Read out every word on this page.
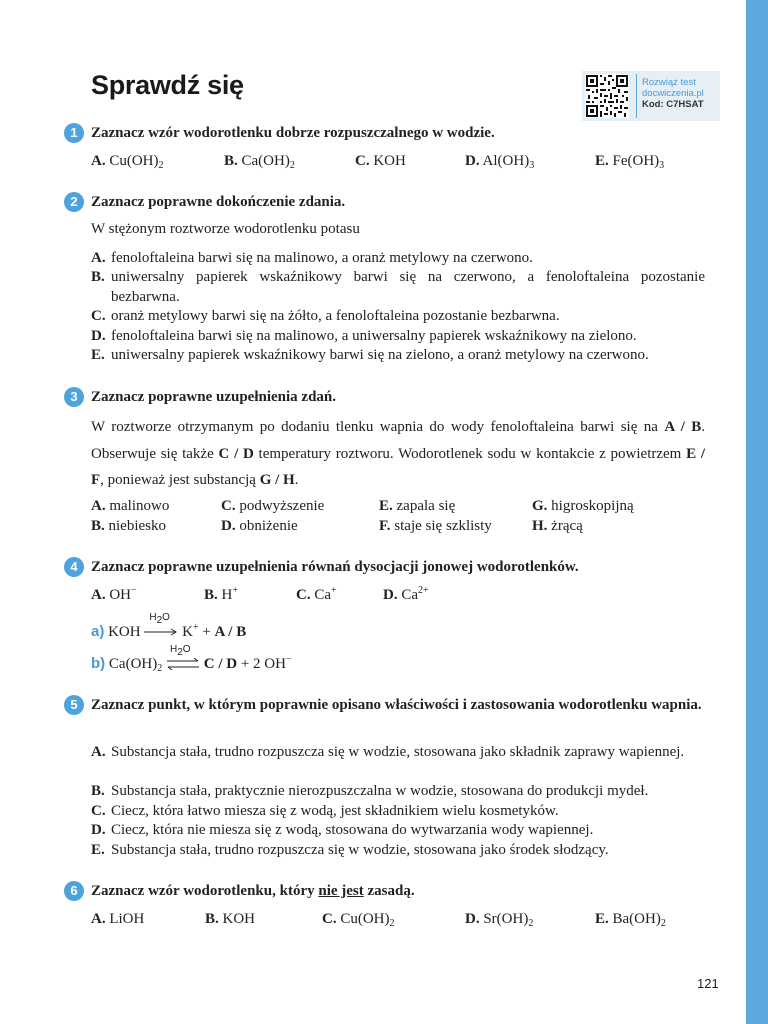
Sprawdź się	Rozwiąż test
docwiczenia.pl
Kod: C7HSAT
1 Zaznacz wzór wodorotlenku dobrze rozpuszczalnego w wodzie.
A. $Cu(OH)_2$	B. $Ca(OH)_2$	C. KOH	D. $Al(OH)_3$	E. $Fe(OH)_3$
2 Zaznacz poprawne dokończenie zdania.
W stężonym roztworze wodorotlenku potasu
A. fenoloftaleina barwi się na malinowo, a oranż metylowy na czerwono.
B. uniwersalny papierek wskaźnikowy barwi się na czerwono, a fenoloftaleina pozostanie bezbarwna.
C. oranż metylowy barwi się na żółto, a fenoloftaleina pozostanie bezbarwna.
D. fenoloftaleina barwi się na malinowo, a uniwersalny papierek wskaźnikowy na zielono.
E. uniwersalny papierek wskaźnikowy barwi się na zielono, a oranż metylowy na czerwono.
3 Zaznacz poprawne uzupełnienia zdań.
W roztworze otrzymanym po dodaniu tlenku wapnia do wody fenoloftaleina barwi się na A / B. Obserwuje się także C / D temperatury roztworu. Wodorotlenek sodu w kontakcie z powietrzem E / F, ponieważ jest substancją G / H.
A. malinowo
B. niebiesko
C. podwyższenie
D. obniżenie
E. zapala się
F. staje się szklisty
G. higroskopijną
H. żrącą
4 Zaznacz poprawne uzupełnienia równań dysocjacji jonowej wodorotlenków.
A. OH−	B. H+	C. Ca+	D. $Ca^{2+}$
a) KOH
$H_2O$
K+ + A / B
b) $Ca(OH)_2$
$H_2O$
C / D + 2 OH−
5 Zaznacz punkt, w którym poprawnie opisano właściwości i zastosowania wodorotlenku wapnia.
A. Substancja stała, trudno rozpuszcza się w wodzie, stosowana jako składnik zaprawy wapiennej.
B. Substancja stała, praktycznie nierozpuszczalna w wodzie, stosowana do produkcji mydeł.
C. Ciecz, która łatwo miesza się z wodą, jest składnikiem wielu kosmetyków.
D. Ciecz, która nie miesza się z wodą, stosowana do wytwarzania wody wapiennej.
E. Substancja stała, trudno rozpuszcza się w wodzie, stosowana jako środek słodzący.
6 Zaznacz wzór wodorotlenku, który nie jest zasadą.
A. LiOH	B. KOH	C. $Cu(OH)_2$	D. $Sr(OH)_2$	E. $Ba(OH)_2$
121
